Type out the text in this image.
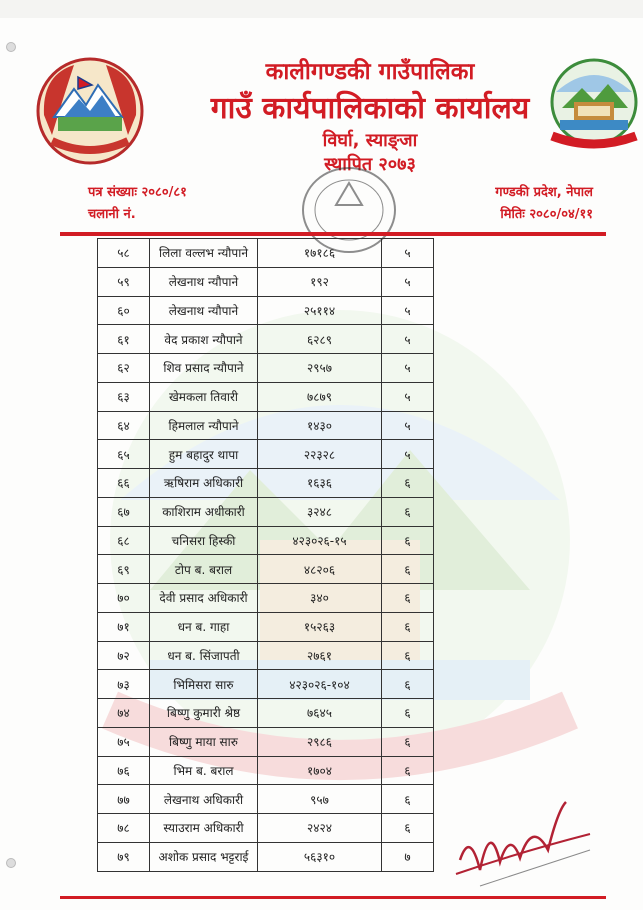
कालीगण्डकी गाउँपालिका
गाउँ कार्यपालिकाको कार्यालय
विर्घा, स्याङ्जा
स्थापित २०७३
पत्र संख्याः २०८०/८१
चलानी नं.
गण्डकी प्रदेश, नेपाल
मितिः २०८०/०४/११
५८	लिला वल्लभ न्यौपाने	१७१८६	५
५९	लेखनाथ न्यौपाने	१९२	५
६०	लेखनाथ न्यौपाने	२५११४	५
६१	वेद प्रकाश न्यौपाने	६२८९	५
६२	शिव प्रसाद न्यौपाने	२९५७	५
६३	खेमकला तिवारी	७८७९	५
६४	हिमलाल न्यौपाने	१४३०	५
६५	हुम बहादुर थापा	२२३२८	५
६६	ऋषिराम अधिकारी	१६३६	६
६७	काशिराम अधीकारी	३२४८	६
६८	चनिसरा हिस्की	४२३०२६-१५	६
६९	टोप ब. बराल	४८२०६	६
७०	देवी प्रसाद अधिकारी	३४०	६
७१	धन ब. गाहा	१५२६३	६
७२	धन ब. सिंजापती	२७६१	६
७३	भिमिसरा सारु	४२३०२६-१०४	६
७४	बिष्णु कुमारी श्रेष्ठ	७६४५	६
७५	बिष्णु माया सारु	२९८६	६
७६	भिम ब. बराल	१७०४	६
७७	लेखनाथ अधिकारी	९५७	६
७८	स्याउराम अधिकारी	२४२४	६
७९	अशोक प्रसाद भट्टराई	५६३१०	७
